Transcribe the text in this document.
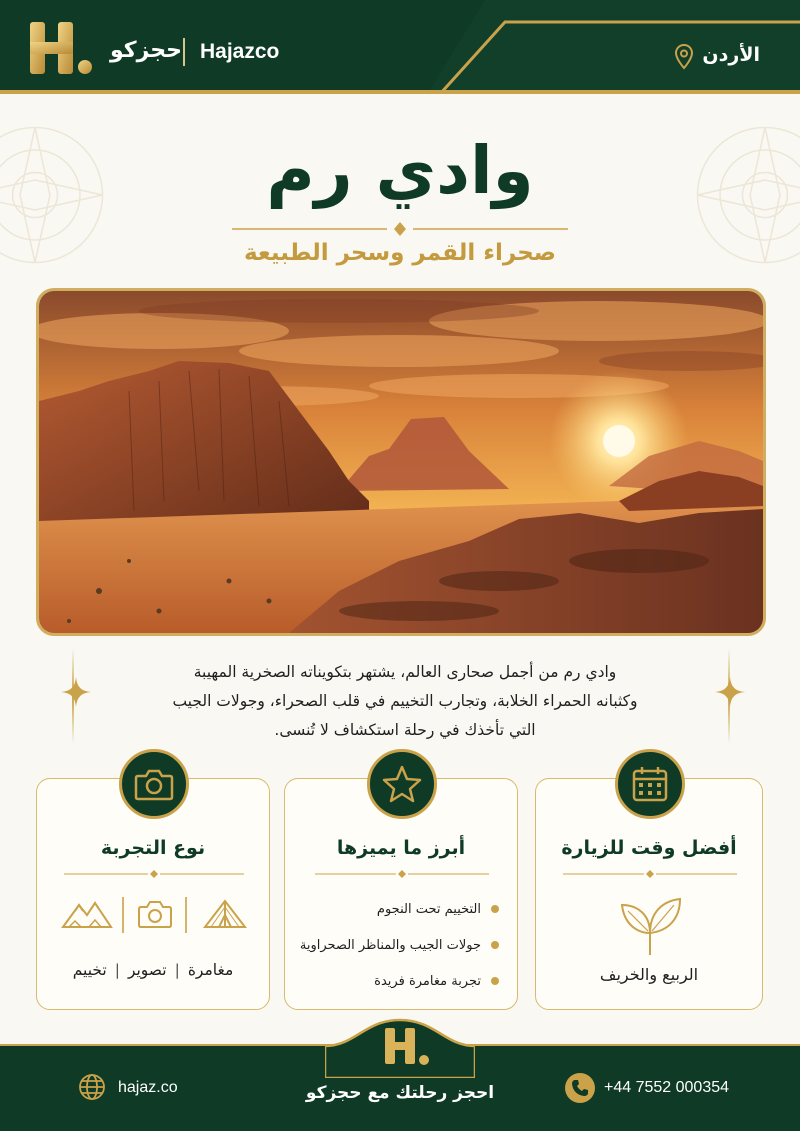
حجزكو Hajazco	الأردن
وادي رم
صحراء القمر وسحر الطبيعة
وادي رم من أجمل صحارى العالم، يشتهر بتكويناته الصخرية المهيبة
وكثبانه الحمراء الخلابة، وتجارب التخييم في قلب الصحراء، وجولات الجيب
التي تأخذك في رحلة استكشاف لا تُنسى.
نوع التجربة
مغامرة|تصوير|تخييم
أبرز ما يميزها
التخييم تحت النجوم
جولات الجيب والمناظر الصحراوية
تجربة مغامرة فريدة
أفضل وقت للزيارة
الربيع والخريف
hajaz.co	احجز رحلتك مع حجزكو	+44 7552 000354
